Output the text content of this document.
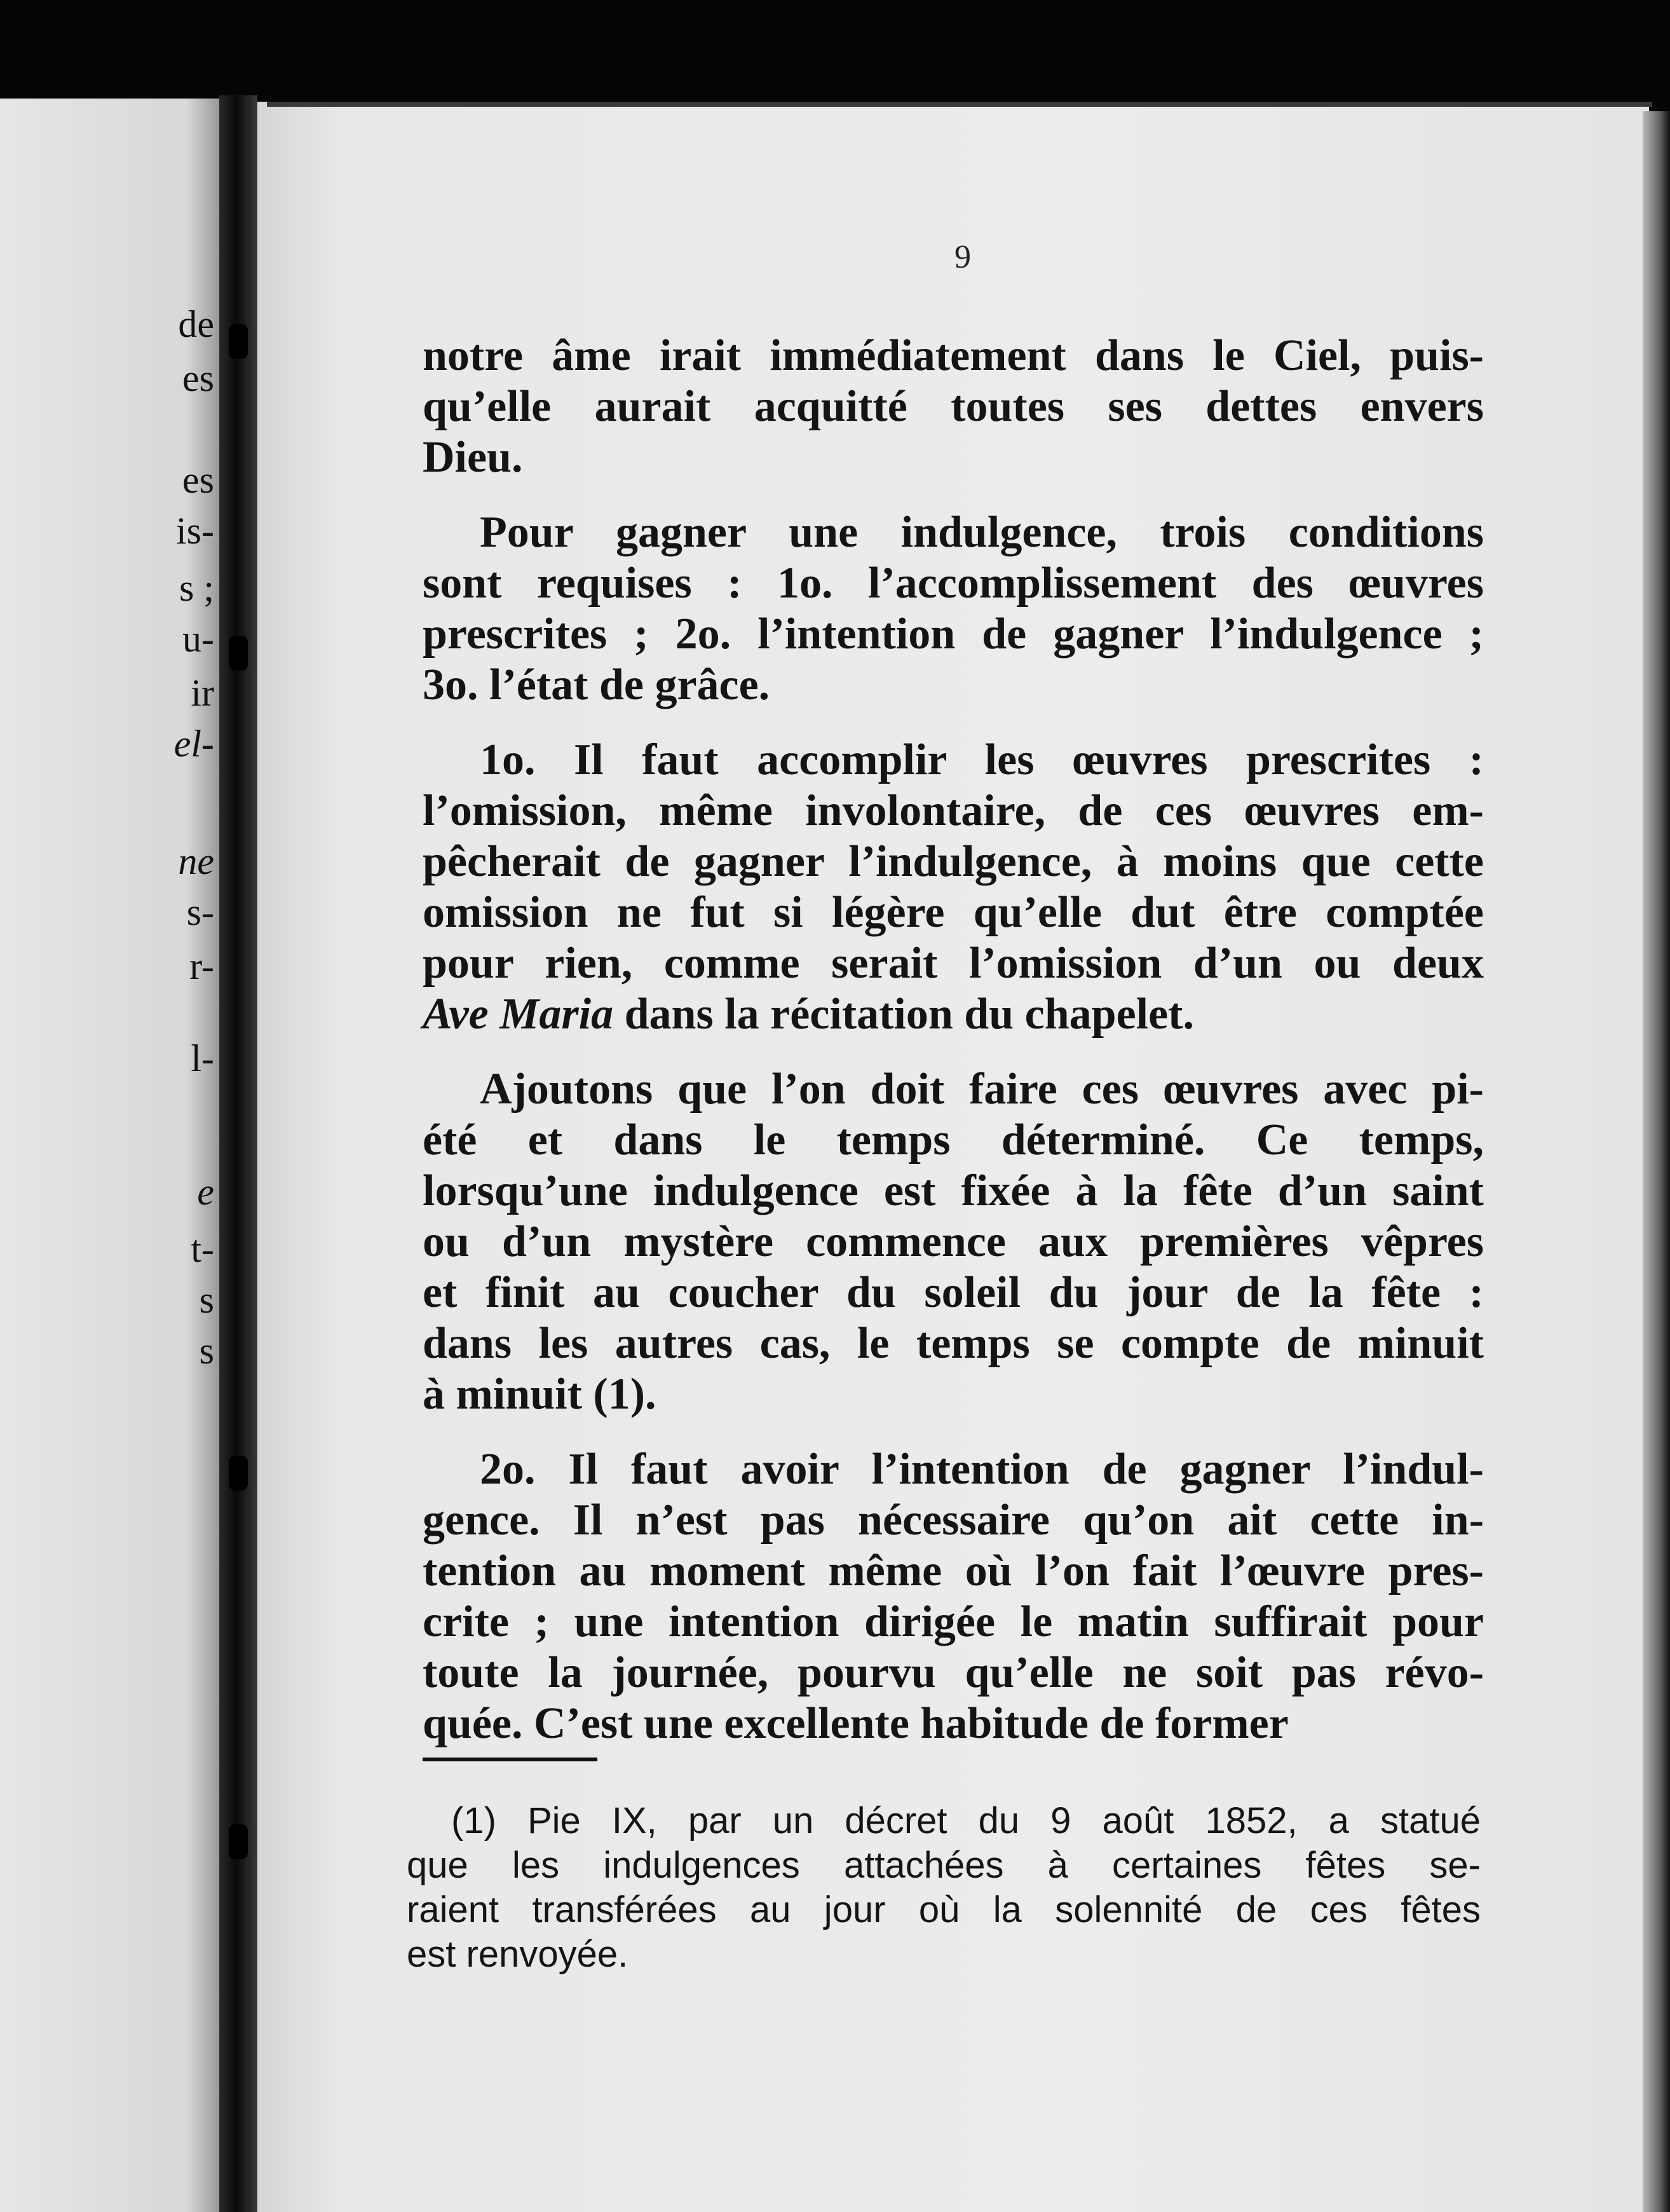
de
es
es
is-
s ;
u-
ir
el-
ne
s-
r-
l-
e
t-
s
s
9
notre âme irait immédiatement dans le Ciel, puis-
qu’elle aurait acquitté toutes ses dettes envers
Dieu.
Pour gagner une indulgence, trois conditions
sont requises : 1o. l’accomplissement des œuvres
prescrites ; 2o. l’intention de gagner l’indulgence ;
3o. l’état de grâce.
1o. Il faut accomplir les œuvres prescrites :
l’omission, même involontaire, de ces œuvres em-
pêcherait de gagner l’indulgence, à moins que cette
omission ne fut si légère qu’elle dut être comptée
pour rien, comme serait l’omission d’un ou deux
Ave Maria dans la récitation du chapelet.
Ajoutons que l’on doit faire ces œuvres avec pi-
été et dans le temps déterminé. Ce temps,
lorsqu’une indulgence est fixée à la fête d’un saint
ou d’un mystère commence aux premières vêpres
et finit au coucher du soleil du jour de la fête :
dans les autres cas, le temps se compte de minuit
à minuit (1).
2o. Il faut avoir l’intention de gagner l’indul-
gence. Il n’est pas nécessaire qu’on ait cette in-
tention au moment même où l’on fait l’œuvre pres-
crite ; une intention dirigée le matin suffirait pour
toute la journée, pourvu qu’elle ne soit pas révo-
quée. C’est une excellente habitude de former
(1) Pie IX, par un décret du 9 août 1852, a statué
que les indulgences attachées à certaines fêtes se-
raient transférées au jour où la solennité de ces fêtes
est renvoyée.
